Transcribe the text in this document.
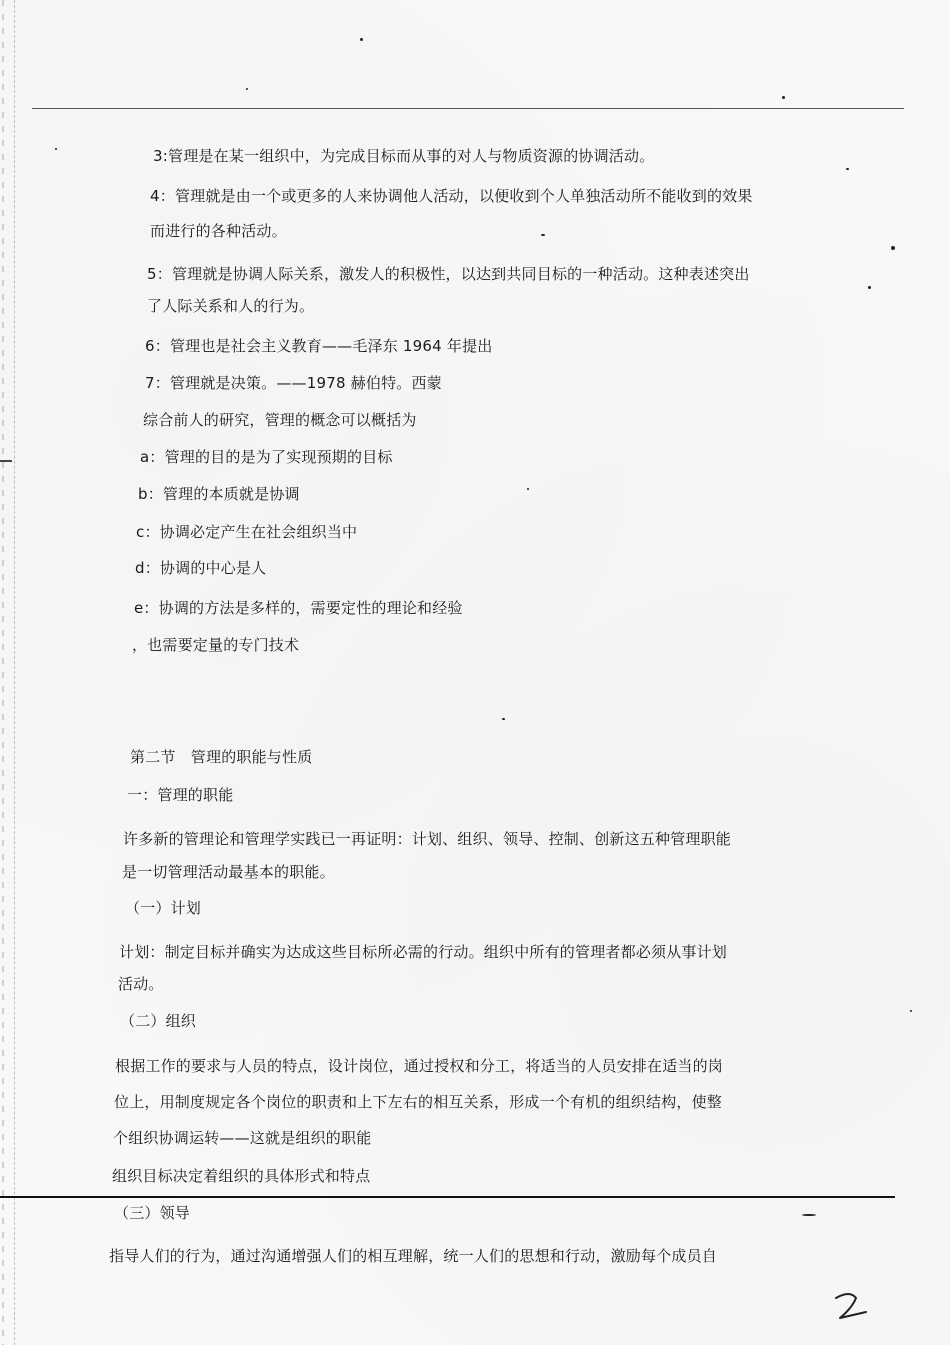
3:管理是在某一组织中，为完成目标而从事的对人与物质资源的协调活动。
4：管理就是由一个或更多的人来协调他人活动，以便收到个人单独活动所不能收到的效果
而进行的各种活动。
5：管理就是协调人际关系，激发人的积极性，以达到共同目标的一种活动。这种表述突出
了人际关系和人的行为。
6：管理也是社会主义教育——毛泽东 1964 年提出
7：管理就是决策。——1978 赫伯特。西蒙
综合前人的研究，管理的概念可以概括为
a：管理的目的是为了实现预期的目标
b：管理的本质就是协调
c：协调必定产生在社会组织当中
d：协调的中心是人
e：协调的方法是多样的，需要定性的理论和经验
，也需要定量的专门技术
第二节　管理的职能与性质
一：管理的职能
许多新的管理论和管理学实践已一再证明：计划、组织、领导、控制、创新这五种管理职能
是一切管理活动最基本的职能。
（一）计划
计划：制定目标并确实为达成这些目标所必需的行动。组织中所有的管理者都必须从事计划
活动。
（二）组织
根据工作的要求与人员的特点，设计岗位，通过授权和分工，将适当的人员安排在适当的岗
位上，用制度规定各个岗位的职责和上下左右的相互关系，形成一个有机的组织结构，使整
个组织协调运转——这就是组织的职能
组织目标决定着组织的具体形式和特点
（三）领导
指导人们的行为，通过沟通增强人们的相互理解，统一人们的思想和行动，激励每个成员自
